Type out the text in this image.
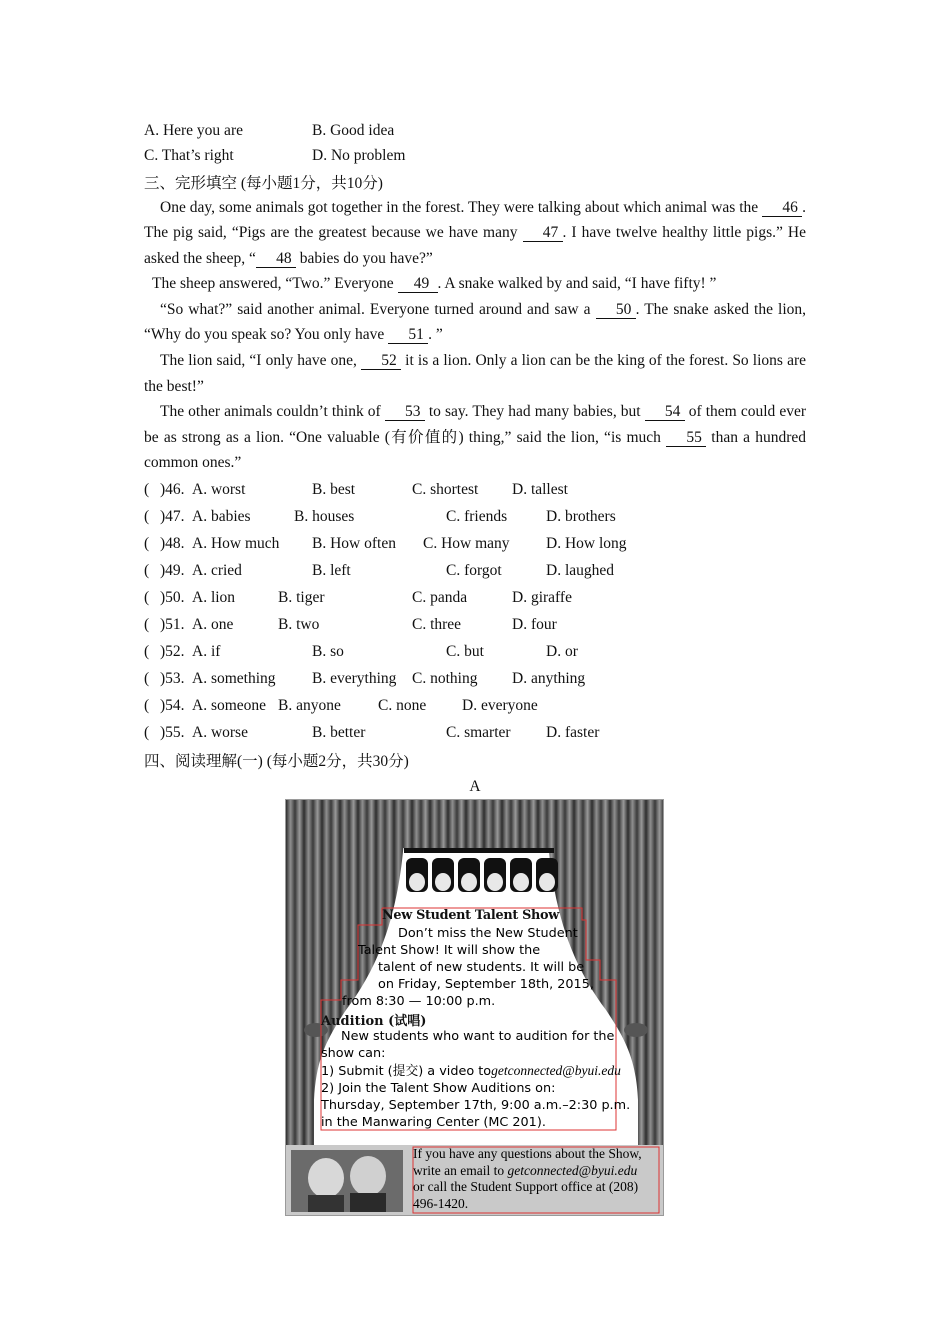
A. Here you are	B. Good idea
C. That’s right	D. No problem
三、完形填空 (每小题1分，共10分)

One day, some animals got together in the forest. They were talking about which animal was the 46 . The pig said, “Pigs are the greatest because we have many 47 . I have twelve healthy little pigs.” He asked the sheep, “ 48 babies do you have?”

The sheep answered, “Two.” Everyone 49 . A snake walked by and said, “I have fifty! ”

“So what?” said another animal. Everyone turned around and saw a 50 . The snake asked the lion, “Why do you speak so? You only have 51 . ”

The lion said, “I only have one, 52 it is a lion. Only a lion can be the king of the forest. So lions are the best!”

The other animals couldn’t think of 53 to say. They had many babies, but 54 of them could ever be as strong as a lion. “One valuable (有价值的) thing,” said the lion, “is much 55 than a hundred common ones.”

( )46. A. worst	B. best	C. shortest D. tallest
( )47. A. babies	B. houses	C. friends	D. brothers
( )48. A. How much B. How often C. How many D. How long
( )49. A. cried	B. left	C. forgot	D. laughed
( )50. A. lion	B. tiger	C. panda	D. giraffe
( )51. A. one	B. two	C. three	D. four
( )52. A. if	B. so	C. but	D. or
( )53. A. something B. everything C. nothing D. anything
( )54. A. someone B. anyone C. none D. everyone
( )55. A. worse	B. better	C. smarter D. faster
四、阅读理解(一) (每小题2分，共30分)
A
New Student Talent Show
Don’t miss the New Student
Talent Show! It will show the
talent of new students. It will be
on Friday, September 18th, 2015,
from 8:30 — 10:00 p.m.
Audition (试唱)
New students who want to audition for the
show can:
1) Submit (提交) a video togetconnected@byui.edu
2) Join the Talent Show Auditions on:
Thursday, September 17th, 9:00 a.m.–2:30 p.m.
in the Manwaring Center (MC 201).
If you have any questions about the Show,
write an email to getconnected@byui.edu
or call the Student Support office at (208)
496-1420.
